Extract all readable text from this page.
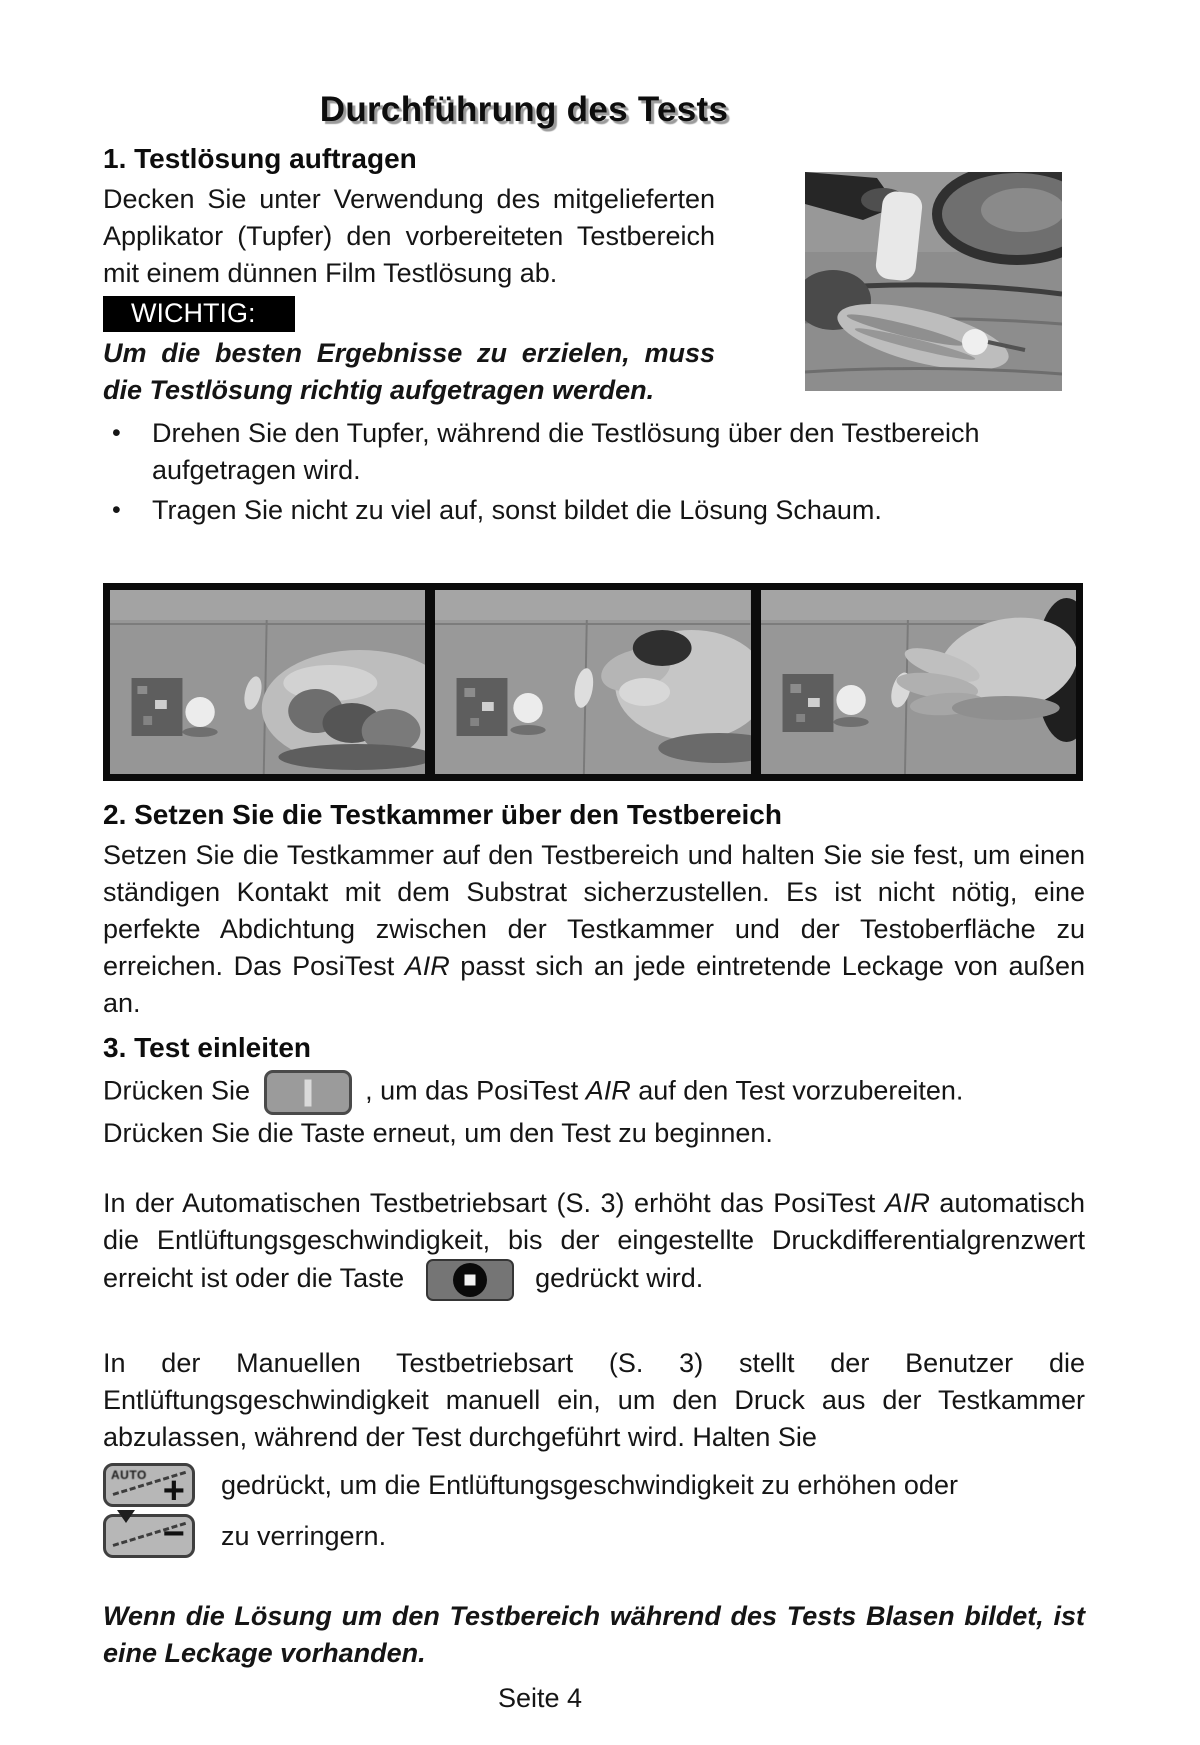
Durchführung des Tests
1. Testlösung auftragen

Decken Sie unter Verwendung des mitgelieferten Applikator (Tupfer) den vorbereiteten Testbereich mit einem dünnen Film Testlösung ab.

WICHTIG:

Um die besten Ergebnisse zu erzielen, muss die Testlösung richtig aufgetragen werden.

•	Drehen Sie den Tupfer, während die Testlösung über den Testbereich aufgetragen wird.
•	Tragen Sie nicht zu viel auf, sonst bildet die Lösung Schaum.
2. Setzen Sie die Testkammer über den Testbereich

Setzen Sie die Testkammer auf den Testbereich und halten Sie sie fest, um einen ständigen Kontakt mit dem Substrat sicherzustellen. Es ist nicht nötig, eine perfekte Abdichtung zwischen der Testkammer und der Testoberfläche zu erreichen. Das PosiTest AIR passt sich an jede eintretende Leckage von außen an.

3. Test einleiten

Drücken Sie	, um das PosiTest AIR auf den Test vorzubereiten.

Drücken Sie die Taste erneut, um den Test zu beginnen.

In der Automatischen Testbetriebsart (S. 3) erhöht das PosiTest AIR automatisch die Entlüftungsgeschwindigkeit, bis der eingestellte Druckdifferentialgrenzwert erreicht ist oder die Taste	gedrückt wird.

In der Manuellen Testbetriebsart (S. 3) stellt der Benutzer die Entlüftungsgeschwindigkeit manuell ein, um den Druck aus der Testkammer abzulassen, während der Test durchgeführt wird. Halten Sie

AUTO + gedrückt, um die Entlüftungsgeschwindigkeit zu erhöhen oder
− zu verringern.

Wenn die Lösung um den Testbereich während des Tests Blasen bildet, ist eine Leckage vorhanden.

Seite 4
